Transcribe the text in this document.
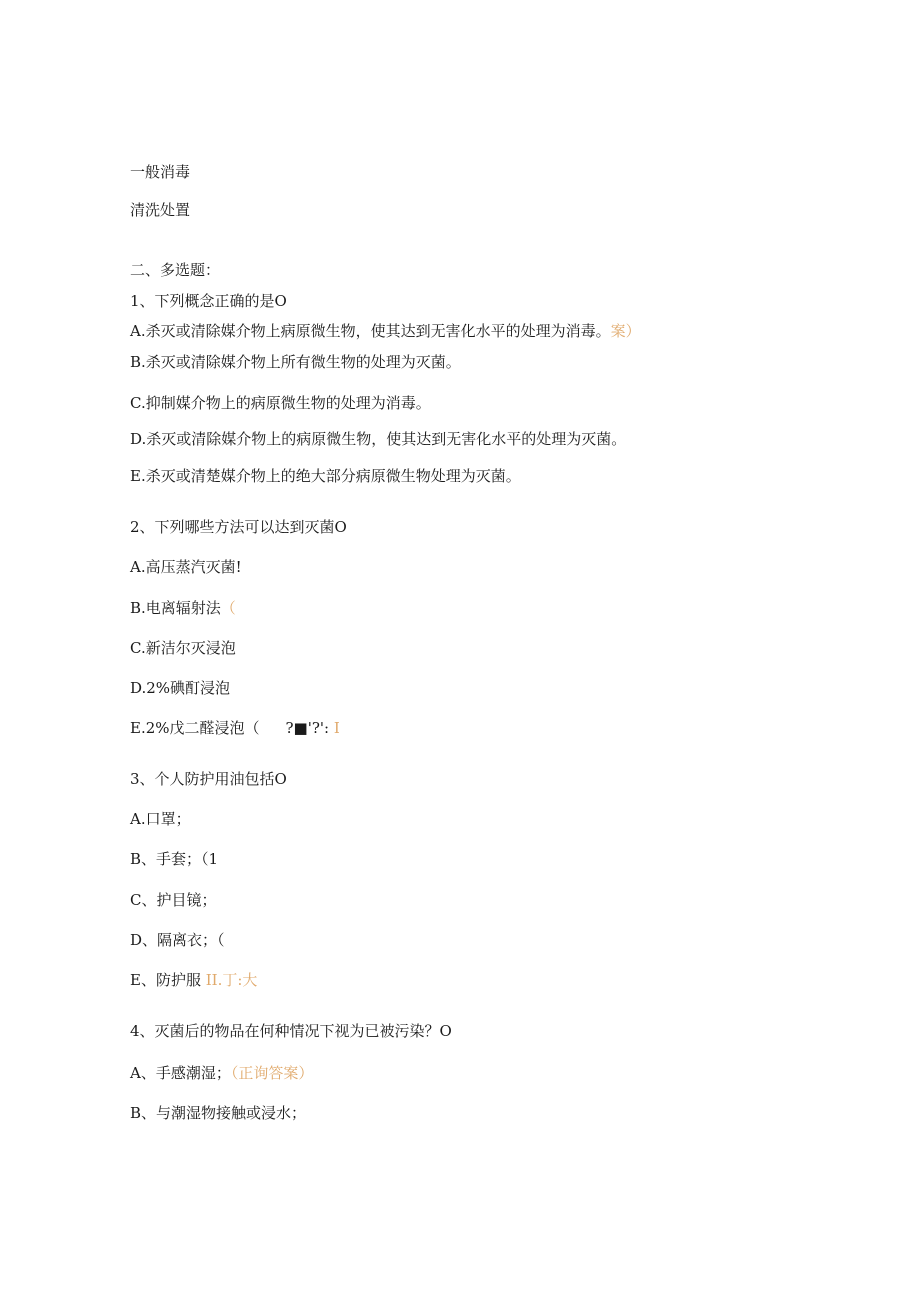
一般消毒
清洗处置
二、多选题：
1、下列概念正确的是O
A.杀灭或清除媒介物上病原微生物，使其达到无害化水平的处理为消毒。案）
B.杀灭或清除媒介物上所有微生物的处理为灭菌。
C.抑制媒介物上的病原微生物的处理为消毒。
D.杀灭或清除媒介物上的病原微生物，使其达到无害化水平的处理为灭菌。
E.杀灭或清楚媒介物上的绝大部分病原微生物处理为灭菌。
2、下列哪些方法可以达到灭菌O
A.高压蒸汽灭菌!
B.电离辐射法（
C.新洁尔灭浸泡
D.2%碘酊浸泡
E.2%戊二醛浸泡（ ?■'?': I
3、个人防护用油包括O
A.口罩；
B、手套；（1
C、护目镜；
D、隔离衣；（
E、防护服 II.丁:大
4、灭菌后的物品在何种情况下视为已被污染？O
A、手感潮湿；（正询答案）
B、与潮湿物接触或浸水；
